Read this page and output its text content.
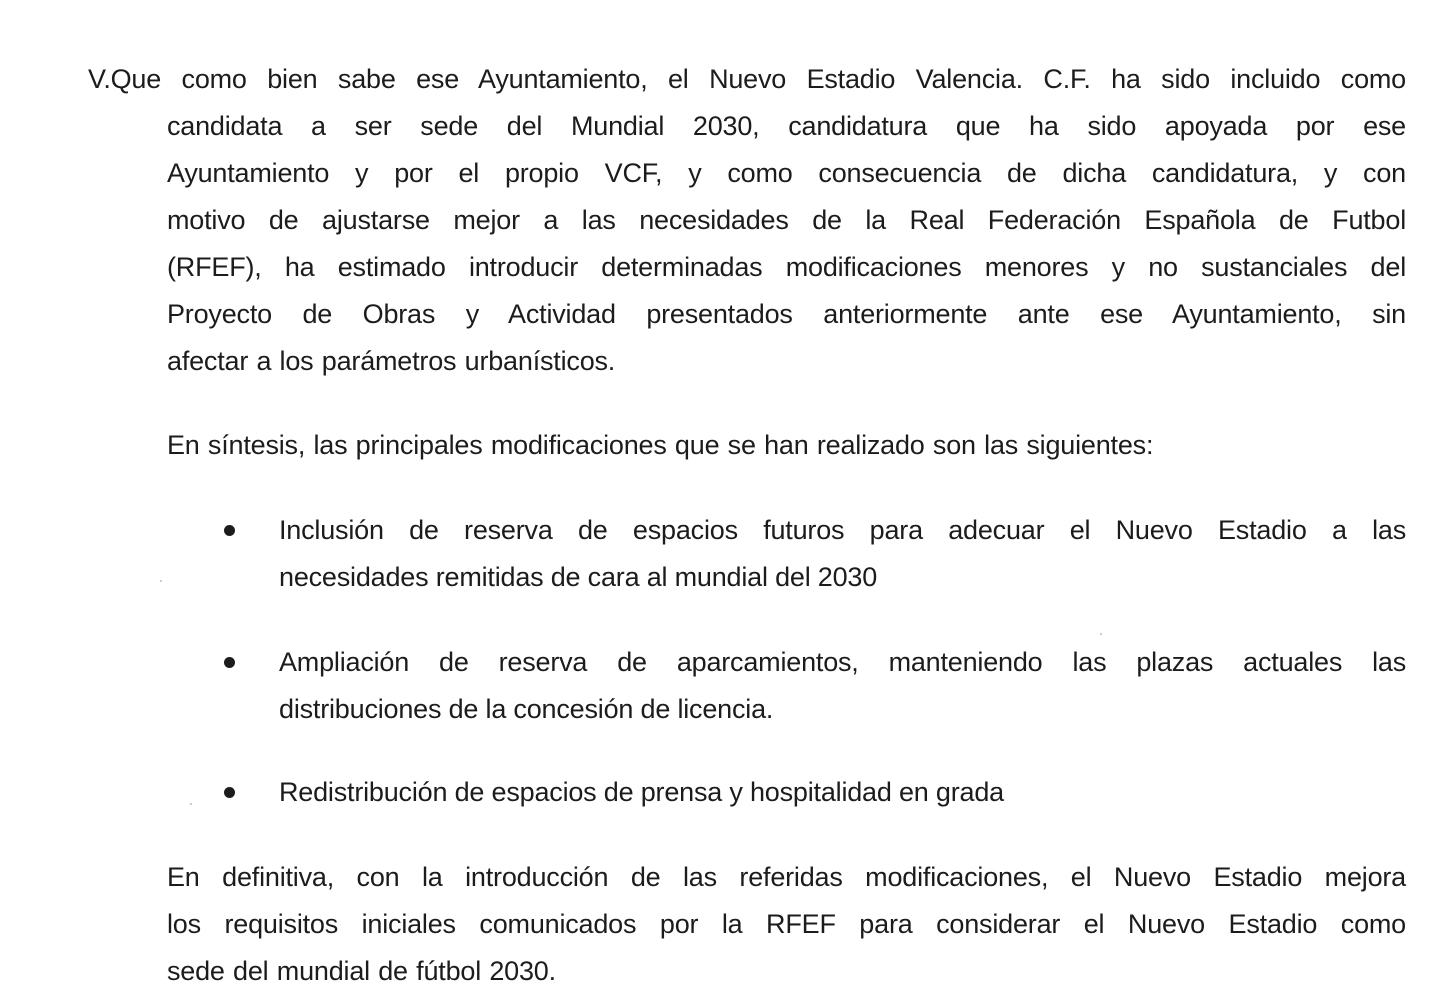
V.Que como bien sabe ese Ayuntamiento, el Nuevo Estadio Valencia. C.F. ha sido incluido como
candidata a ser sede del Mundial 2030, candidatura que ha sido apoyada por ese
Ayuntamiento y por el propio VCF, y como consecuencia de dicha candidatura, y con
motivo de ajustarse mejor a las necesidades de la Real Federación Española de Futbol
(RFEF), ha estimado introducir determinadas modificaciones menores y no sustanciales del
Proyecto de Obras y Actividad presentados anteriormente ante ese Ayuntamiento, sin
afectar a los parámetros urbanísticos.
En síntesis, las principales modificaciones que se han realizado son las siguientes:
Inclusión de reserva de espacios futuros para adecuar el Nuevo Estadio a las
necesidades remitidas de cara al mundial del 2030
Ampliación de reserva de aparcamientos, manteniendo las plazas actuales las
distribuciones de la concesión de licencia.
Redistribución de espacios de prensa y hospitalidad en grada
En definitiva, con la introducción de las referidas modificaciones, el Nuevo Estadio mejora
los requisitos iniciales comunicados por la RFEF para considerar el Nuevo Estadio como
sede del mundial de fútbol 2030.
